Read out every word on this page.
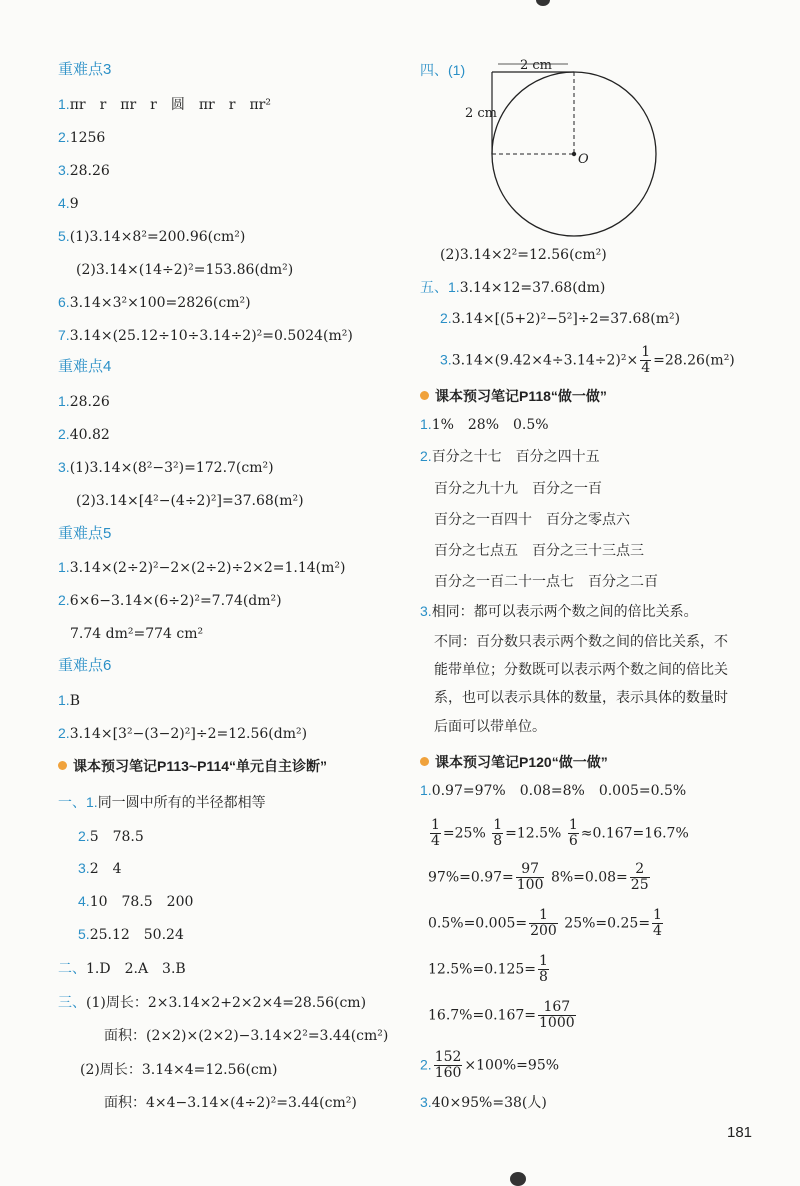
重难点3
1.πr　r　πr　r　圆　πr　r　πr²
2.1256
3.28.26
4.9
5.(1)3.14×8²=200.96(cm²)
(2)3.14×(14÷2)²=153.86(dm²)
6.3.14×3²×100=2826(cm²)
7.3.14×(25.12÷10÷3.14÷2)²=0.5024(m²)
重难点4
1.28.26
2.40.82
3.(1)3.14×(8²−3²)=172.7(cm²)
(2)3.14×[4²−(4÷2)²]=37.68(m²)
重难点5
1.3.14×(2÷2)²−2×(2÷2)÷2×2=1.14(m²)
2.6×6−3.14×(6÷2)²=7.74(dm²)
7.74 dm²=774 cm²
重难点6
1.B
2.3.14×[3²−(3−2)²]÷2=12.56(dm²)
课本预习笔记P113~P114“单元自主诊断”
一、1.同一圆中所有的半径都相等
2.5　78.5
3.2　4
4.10　78.5　200
5.25.12　50.24
二、1.D　2.A　3.B
三、(1)周长：2×3.14×2+2×2×4=28.56(cm)
面积：(2×2)×(2×2)−3.14×2²=3.44(cm²)
(2)周长：3.14×4=12.56(cm)
面积：4×4−3.14×(4÷2)²=3.44(cm²)
四、(1)	2 cm
2 cm
O
(2)3.14×2²=12.56(cm²)
五、1.3.14×12=37.68(dm)
2.3.14×[(5+2)²−5²]÷2=37.68(m²)
$3.3.14\times(9.42\times 4\div 3.14\div 2)^2\times \frac{1}{4} =28.26(m^2)$
课本预习笔记P118“做一做”
1.1%　28%　0.5%
2.百分之十七　百分之四十五
百分之九十九　百分之一百
百分之一百四十　百分之零点六
百分之七点五　百分之三十三点三
百分之一百二十一点七　百分之二百
3.相同：都可以表示两个数之间的倍比关系。
不同：百分数只表示两个数之间的倍比关系，不
能带单位；分数既可以表示两个数之间的倍比关
系，也可以表示具体的数量，表示具体的数量时
后面可以带单位。
课本预习笔记P120“做一做”
1.0.97=97%　0.08=8%　0.005=0.5%
$\frac{1}{4} =25\% \frac{1}{8} =12.5\% \frac{1}{6} \approx 0.167=16.7\%$
$97\%=0.97= \frac{97}{100} 8\%=0.08= \frac{2}{25}$
$0.5\%=0.005= \frac{1}{200} 25\%=0.25= \frac{1}{4}$
$12.5\%=0.125= \frac{1}{8}$
$16.7\%=0.167= \frac{167}{1000}$
2. $\frac{152}{160} \times 100\%=95\%$
3.40×95%=38(人)
181
